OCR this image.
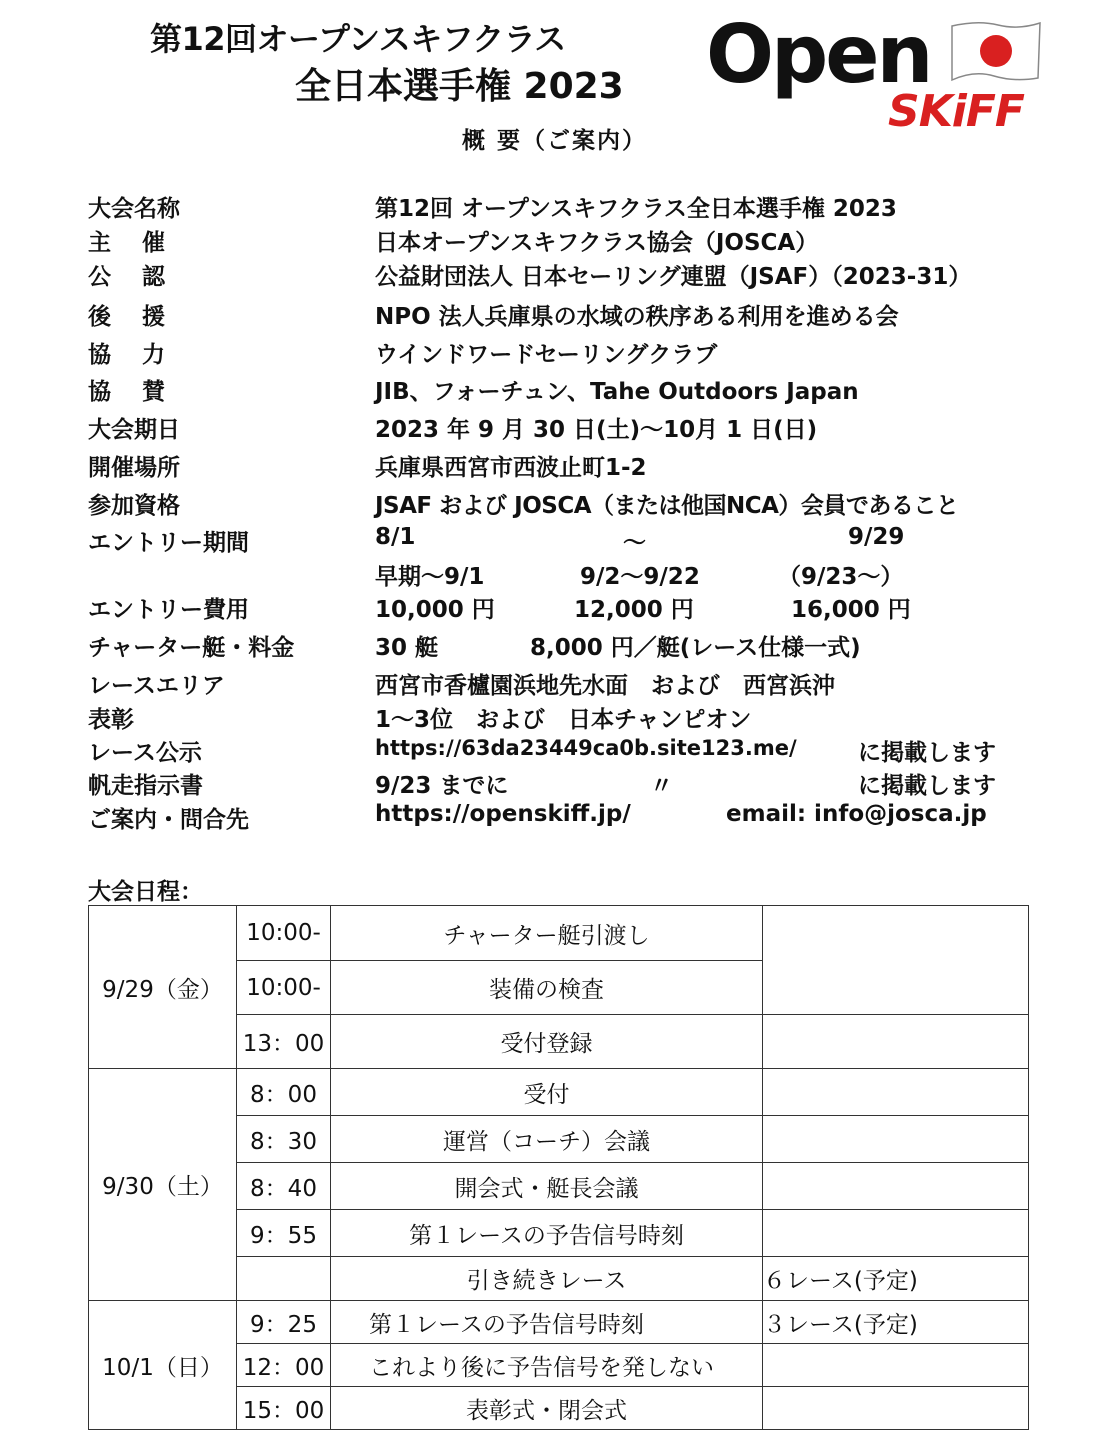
第12回オープンスキフクラス
全日本選手権 2023
概 要（ご案内）
Open
SKiFF
大会名称	第12回 オープンスキフクラス全日本選手権 2023
主　 催	日本オープンスキフクラス協会（JOSCA）
公　 認	公益財団法人 日本セーリング連盟（JSAF）（2023-31）
後　 援	NPO 法人兵庫県の水域の秩序ある利用を進める会
協　 力	ウインドワードセーリングクラブ
協　 賛	JIB、フォーチュン、Tahe Outdoors Japan
大会期日	2023 年 9 月 30 日(土)～10月 1 日(日)
開催場所	兵庫県西宮市西波止町1-2
参加資格	JSAF および JOSCA（または他国NCA）会員であること
エントリー期間	8/1	～	9/29
早期～9/1	9/2～9/22	（9/23～）
エントリー費用	10,000 円	12,000 円	16,000 円
チャーター艇・料金	30 艇	8,000 円／艇(レース仕様一式)
レースエリア	西宮市香櫨園浜地先水面　および　西宮浜沖
表彰	1～3位　および　日本チャンピオン
レース公示	https://63da23449ca0b.site123.me/	に掲載します
帆走指示書	9/23 までに	〃	に掲載します
ご案内・問合先	https://openskiff.jp/	email: info@josca.jp
大会日程：
9/29（金）	10:00-	チャーター艇引渡し	
	10:00-	装備の検査	
	13：00	受付登録	
9/30（土）	8：00	受付	
	8：30	運営（コーチ）会議	
	8：40	開会式・艇長会議	
	9：55	第１レースの予告信号時刻	
		引き続きレース	６レース(予定)
10/1（日）	9：25	第１レースの予告信号時刻	３レース(予定)
	12：00	これより後に予告信号を発しない	
	15：00	表彰式・閉会式	
